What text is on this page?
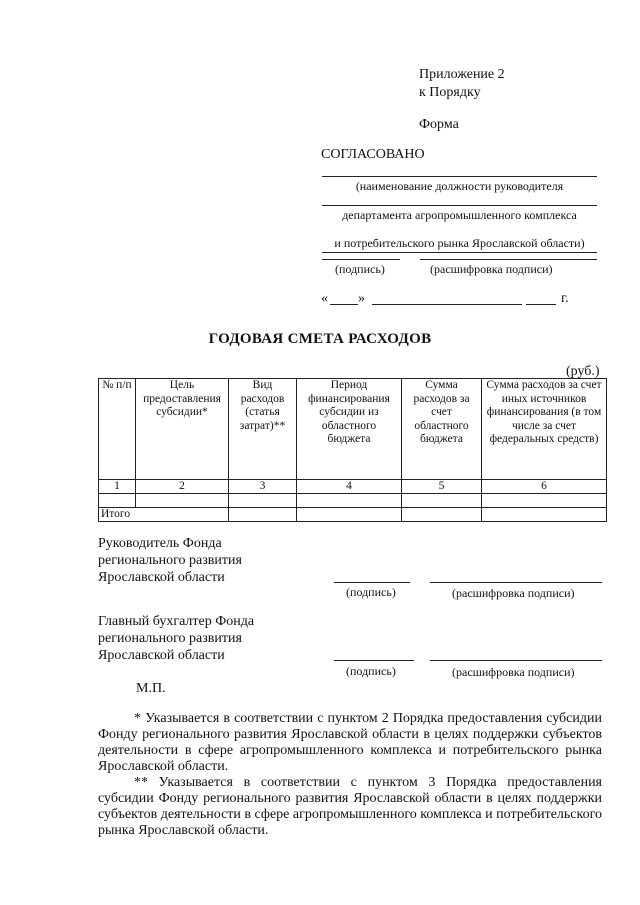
Приложение 2
к Порядку
Форма
СОГЛАСОВАНО
(наименование должности руководителя
департамента агропромышленного комплекса
и потребительского рынка Ярославской области)
(подпись)	(расшифровка подписи)
« »	г.
ГОДОВАЯ СМЕТА РАСХОДОВ
(руб.)
№ п/п	Цель предоставления субсидии*	Вид расходов (статья затрат)**	Период финансирования субсидии из областного бюджета	Сумма расходов за счет областного бюджета	Сумма расходов за счет иных источников финансирования (в том числе за счет федеральных средств)
1	2	3	4	5	6

Итого					
Руководитель Фонда
регионального развития
Ярославской области
(подпись)	(расшифровка подписи)
Главный бухгалтер Фонда
регионального развития
Ярославской области
(подпись)	(расшифровка подписи)
М.П.
* Указывается в соответствии с пунктом 2 Порядка предоставления субсидии Фонду регионального развития Ярославской области в целях поддержки субъектов деятельности в сфере агропромышленного комплекса и потребительского рынка Ярославской области.
** Указывается в соответствии с пунктом 3 Порядка предоставления субсидии Фонду регионального развития Ярославской области в целях поддержки субъектов деятельности в сфере агропромышленного комплекса и потребительского рынка Ярославской области.
